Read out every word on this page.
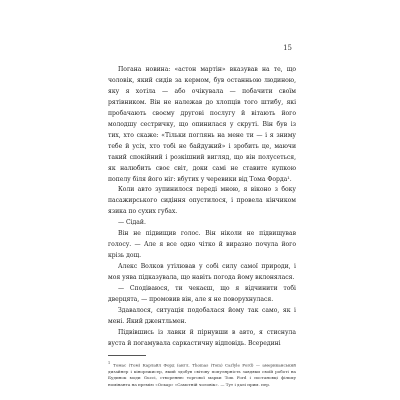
15

Погана новина: «астон мартін» вказував на те, що чоловік, який сидів за кермом, був останньою людиною, яку я хотіла — або очікувала — побачити своїм рятівником. Він не належав до хлопців того штибу, які пробачають своєму другові послугу й вітають його молодшу сестричку, що опинилася у скруті. Він був із тих, хто скаже: «Тільки поглянь на мене ти — і я зниму тебе й усіх, хто тобі не байдужий» і зробить це, маючи такий спокійний і розкішний вигляд, що він полусеться, як налюбить своє світ, доки самі не ставите купкою попелу біля його ніг: вбутих у черевики від Тома Форда¹.

Коли авто зупинилося переді мною, я віконо з боку пасажирського сидіння опустилося, і провела кінчиком язика по сухих губах.

— Сідай.

Він не підвищив голос. Він ніколи не підвищував голосу. — Але я все одно чітко й виразно почула його крізь дощ.

Алекс Волков утілював у собі силу самої природи, і моя уява підказувала, що навіть погода йому вклонялася.

— Сподіваюся, ти чекаєш, що я відчинити тобі дверцята, — промовив він, але я не поворухнулася.

Здавалося, ситуація подобалася йому так само, як і мені. Який джентльмен.

Підвівшись із лавки й пірнувши в авто, я стиснула вуста й погамувала саркастичну відповідь. Всередині

$^1$ Томас (Том) Карлайл Форд (англ. Thomas (Tom) Carlyle Ford) — американський дизайнер і кінорежисер, який здобув світову популярність завдяки своїй роботі на Будинок моди Gucci, створенню торгової марки Tom Ford і постановці фільму номінанта на премію «Оскар» «Самотній чоловік». — Тут і далі прим. пер.
